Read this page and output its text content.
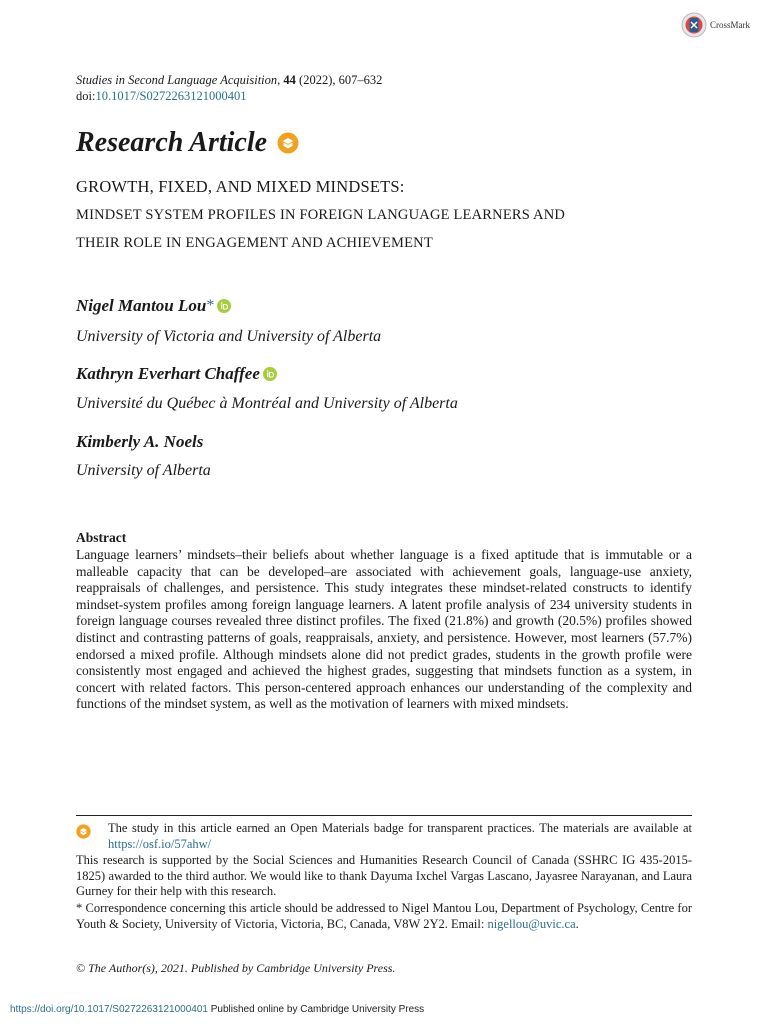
CrossMark
Studies in Second Language Acquisition, 44 (2022), 607–632
doi:10.1017/S0272263121000401
Research Article
GROWTH, FIXED, AND MIXED MINDSETS:
MINDSET SYSTEM PROFILES IN FOREIGN LANGUAGE LEARNERS AND
THEIR ROLE IN ENGAGEMENT AND ACHIEVEMENT
Nigel Mantou Lou *
University of Victoria and University of Alberta
Kathryn Everhart Chaffee
Université du Québec à Montréal and University of Alberta
Kimberly A. Noels
University of Alberta
Abstract
Language learners’ mindsets–their beliefs about whether language is a fixed aptitude that is immutable or a malleable capacity that can be developed–are associated with achievement goals, language-use anxiety, reappraisals of challenges, and persistence. This study integrates these mindset-related constructs to identify mindset-system profiles among foreign language learners. A latent profile analysis of 234 university students in foreign language courses revealed three distinct profiles. The fixed (21.8%) and growth (20.5%) profiles showed distinct and contrasting patterns of goals, reappraisals, anxiety, and persistence. However, most learners (57.7%) endorsed a mixed profile. Although mindsets alone did not predict grades, students in the growth profile were consistently most engaged and achieved the highest grades, suggesting that mindsets function as a system, in concert with related factors. This person-centered approach enhances our understanding of the complexity and functions of the mindset system, as well as the motivation of learners with mixed mindsets.
The study in this article earned an Open Materials badge for transparent practices. The materials are available at https://osf.io/57ahw/
This research is supported by the Social Sciences and Humanities Research Council of Canada (SSHRC IG 435-2015-1825) awarded to the third author. We would like to thank Dayuma Ixchel Vargas Lascano, Jayasree Narayanan, and Laura Gurney for their help with this research.
* Correspondence concerning this article should be addressed to Nigel Mantou Lou, Department of Psychology, Centre for Youth & Society, University of Victoria, Victoria, BC, Canada, V8W 2Y2. Email: nigellou@uvic.ca.
© The Author(s), 2021. Published by Cambridge University Press.
https://doi.org/10.1017/S0272263121000401 Published online by Cambridge University Press
